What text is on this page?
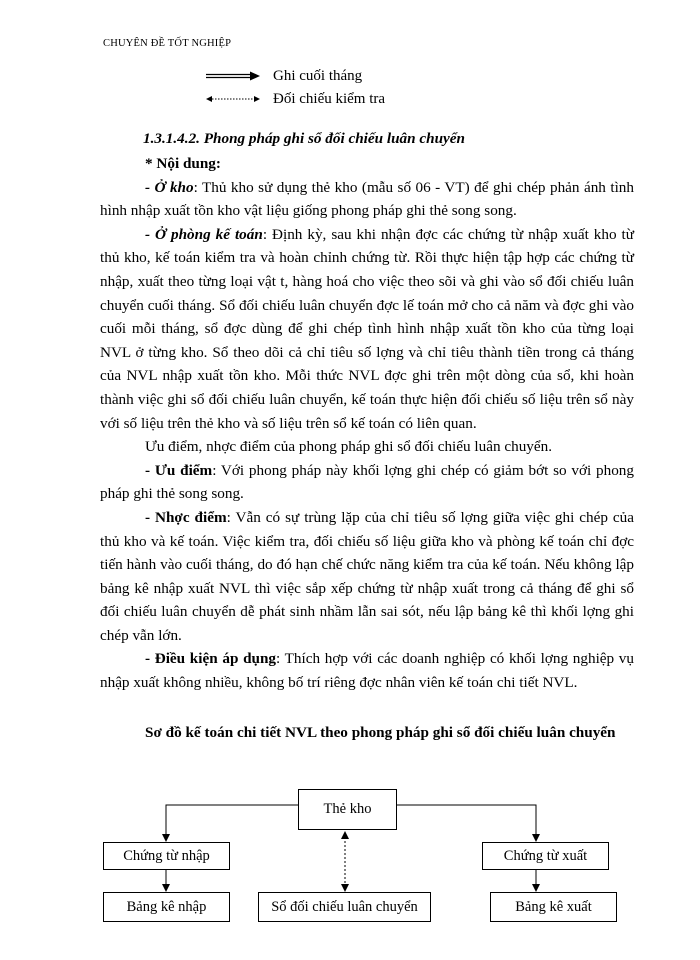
CHUYÊN ĐỀ TỐT NGHIỆP
Ghi cuối tháng
Đối chiếu kiểm tra
1.3.1.4.2. Phong pháp ghi sổ đối chiếu luân chuyển

* Nội dung:

- Ở kho: Thủ kho sử dụng thẻ kho (mẫu số 06 - VT) để ghi chép phản ánh tình hình nhập xuất tồn kho vật liệu giống phong pháp ghi thẻ song song.

- Ở phòng kế toán: Định kỳ, sau khi nhận đợc các chứng từ nhập xuất kho từ thủ kho, kế toán kiểm tra và hoàn chỉnh chứng từ. Rồi thực hiện tập hợp các chứng từ nhập, xuất theo từng loại vật t, hàng hoá cho việc theo sõi và ghi vào sổ đối chiếu luân chuyển cuối tháng. Sổ đối chiếu luân chuyển đợc lế toán mở cho cả năm và đợc ghi vào cuối mỗi tháng, sổ đợc dùng để ghi chép tình hình nhập xuất tồn kho của từng loại NVL ở từng kho. Sổ theo dõi cả chỉ tiêu số lợng và chỉ tiêu thành tiền trong cả tháng của NVL nhập xuất tồn kho. Mỗi thức NVL đợc ghi trên một dòng của sổ, khi hoàn thành việc ghi sổ đối chiếu luân chuyển, kế toán thực hiện đối chiếu số liệu trên sổ này với số liệu trên thẻ kho và số liệu trên sổ kế toán có liên quan.

Ưu điểm, nhợc điểm của phong pháp ghi sổ đối chiếu luân chuyển.

- Ưu điểm: Với phong pháp này khối lợng ghi chép có giảm bớt so với phong pháp ghi thẻ song song.

- Nhợc điểm: Vẫn có sự trùng lặp của chỉ tiêu số lợng giữa việc ghi chép của thủ kho và kế toán. Việc kiểm tra, đối chiếu số liệu giữa kho và phòng kế toán chỉ đợc tiến hành vào cuối tháng, do đó hạn chế chức năng kiểm tra của kế toán. Nếu không lập bảng kê nhập xuất NVL thì việc sắp xếp chứng từ nhập xuất trong cả tháng để ghi sổ đối chiếu luân chuyển dễ phát sinh nhầm lẫn sai sót, nếu lập bảng kê thì khối lợng ghi chép vẫn lớn.

- Điều kiện áp dụng: Thích hợp với các doanh nghiệp có khối lợng nghiệp vụ nhập xuất không nhiều, không bố trí riêng đợc nhân viên kế toán chi tiết NVL.

Sơ đồ kế toán chi tiết NVL theo phong pháp ghi sổ đối chiếu luân chuyển
Thẻ kho
Chứng từ nhập	Chứng từ xuất
Bảng kê nhập	Sổ đối chiếu luân chuyển	Bảng kê xuất
